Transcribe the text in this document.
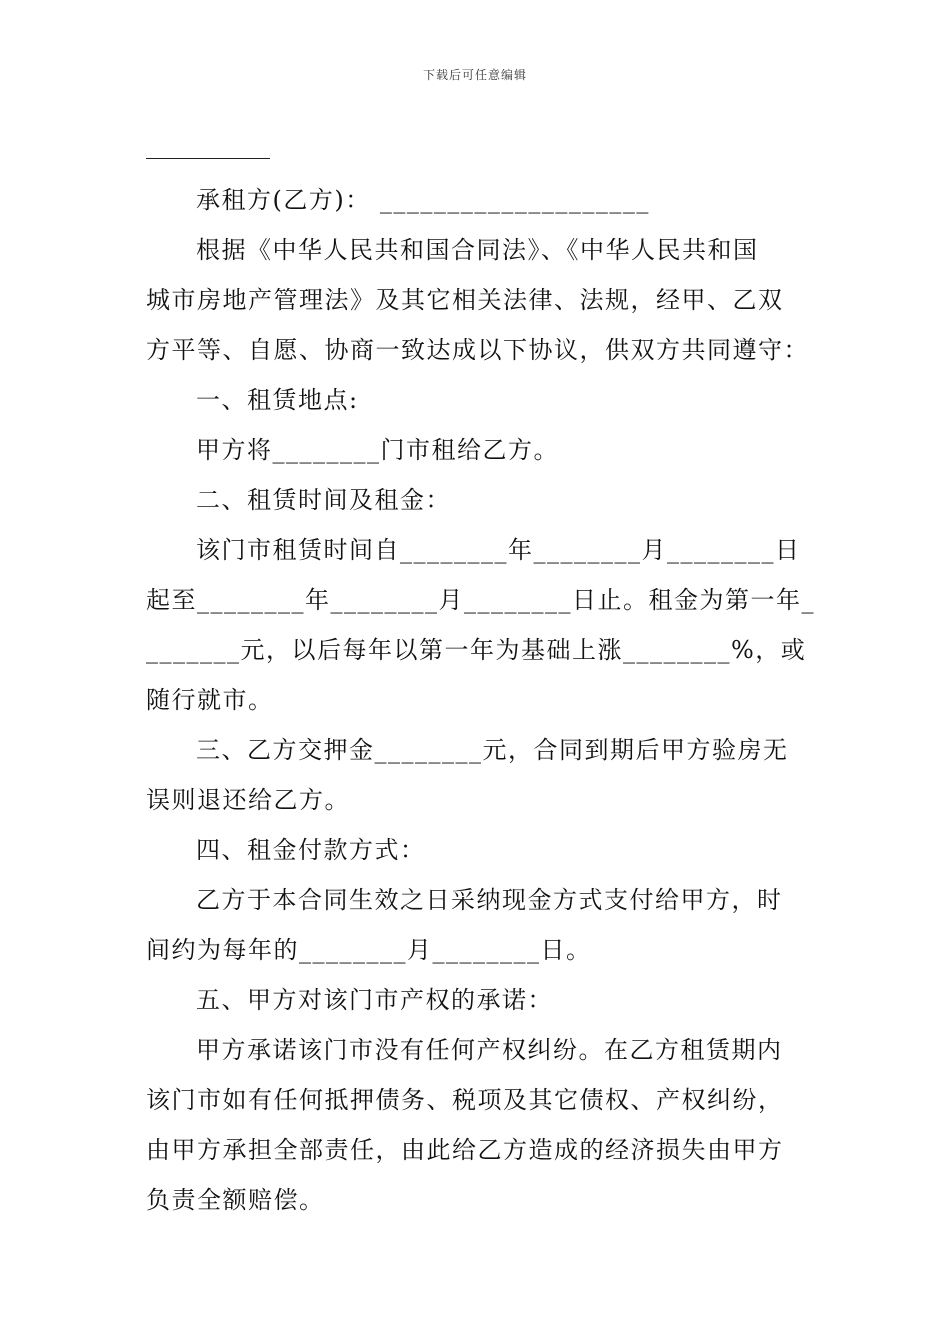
下载后可任意编辑
承租方(乙方)： ____________________
根据《中华人民共和国合同法》、《中华人民共和国
城市房地产管理法》及其它相关法律、法规，经甲、乙双
方平等、自愿、协商一致达成以下协议，供双方共同遵守：
一、租赁地点:
甲方将________门市租给乙方。
二、租赁时间及租金：
该门市租赁时间自________年________月________日
起至________年________月________日止。租金为第一年_
_______元，以后每年以第一年为基础上涨________%，或
随行就市。
三、乙方交押金________元，合同到期后甲方验房无
误则退还给乙方。
四、租金付款方式：
乙方于本合同生效之日采纳现金方式支付给甲方，时
间约为每年的________月________日。
五、甲方对该门市产权的承诺：
甲方承诺该门市没有任何产权纠纷。在乙方租赁期内
该门市如有任何抵押债务、税项及其它债权、产权纠纷，
由甲方承担全部责任，由此给乙方造成的经济损失由甲方
负责全额赔偿。
